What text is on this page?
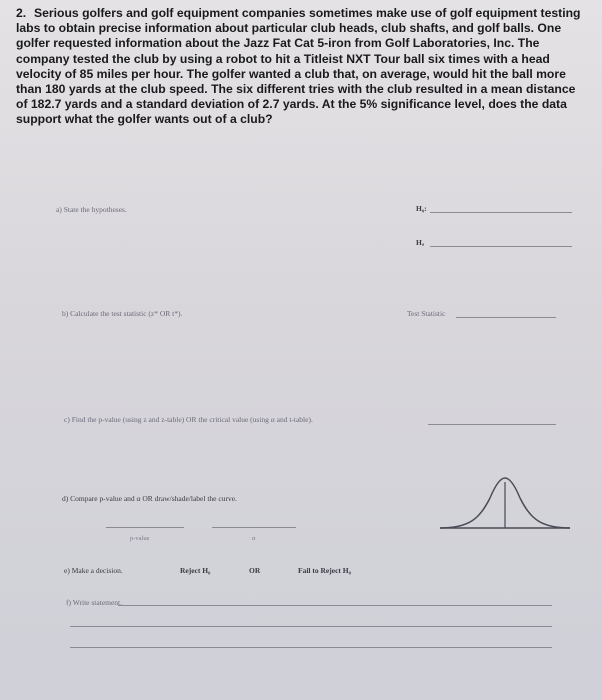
2. Serious golfers and golf equipment companies sometimes make use of golf equipment testing labs to obtain precise information about particular club heads, club shafts, and golf balls. One golfer requested information about the Jazz Fat Cat 5-iron from Golf Laboratories, Inc. The company tested the club by using a robot to hit a Titleist NXT Tour ball six times with a head velocity of 85 miles per hour. The golfer wanted a club that, on average, would hit the ball more than 180 yards at the club speed. The six different tries with the club resulted in a mean distance of 182.7 yards and a standard deviation of 2.7 yards. At the 5% significance level, does the data support what the golfer wants out of a club?
a) State the hypotheses.	H₀:
Hₐ
b) Calculate the test statistic (z* OR t*).	Test Statistic
c) Find the p-value (using z and z-table) OR the critical value (using α and t-table).
d) Compare p-value and α OR draw/shade/label the curve.
p-value	α
e) Make a decision.	Reject H₀	OR	Fail to Reject H₀
f) Write statement.
